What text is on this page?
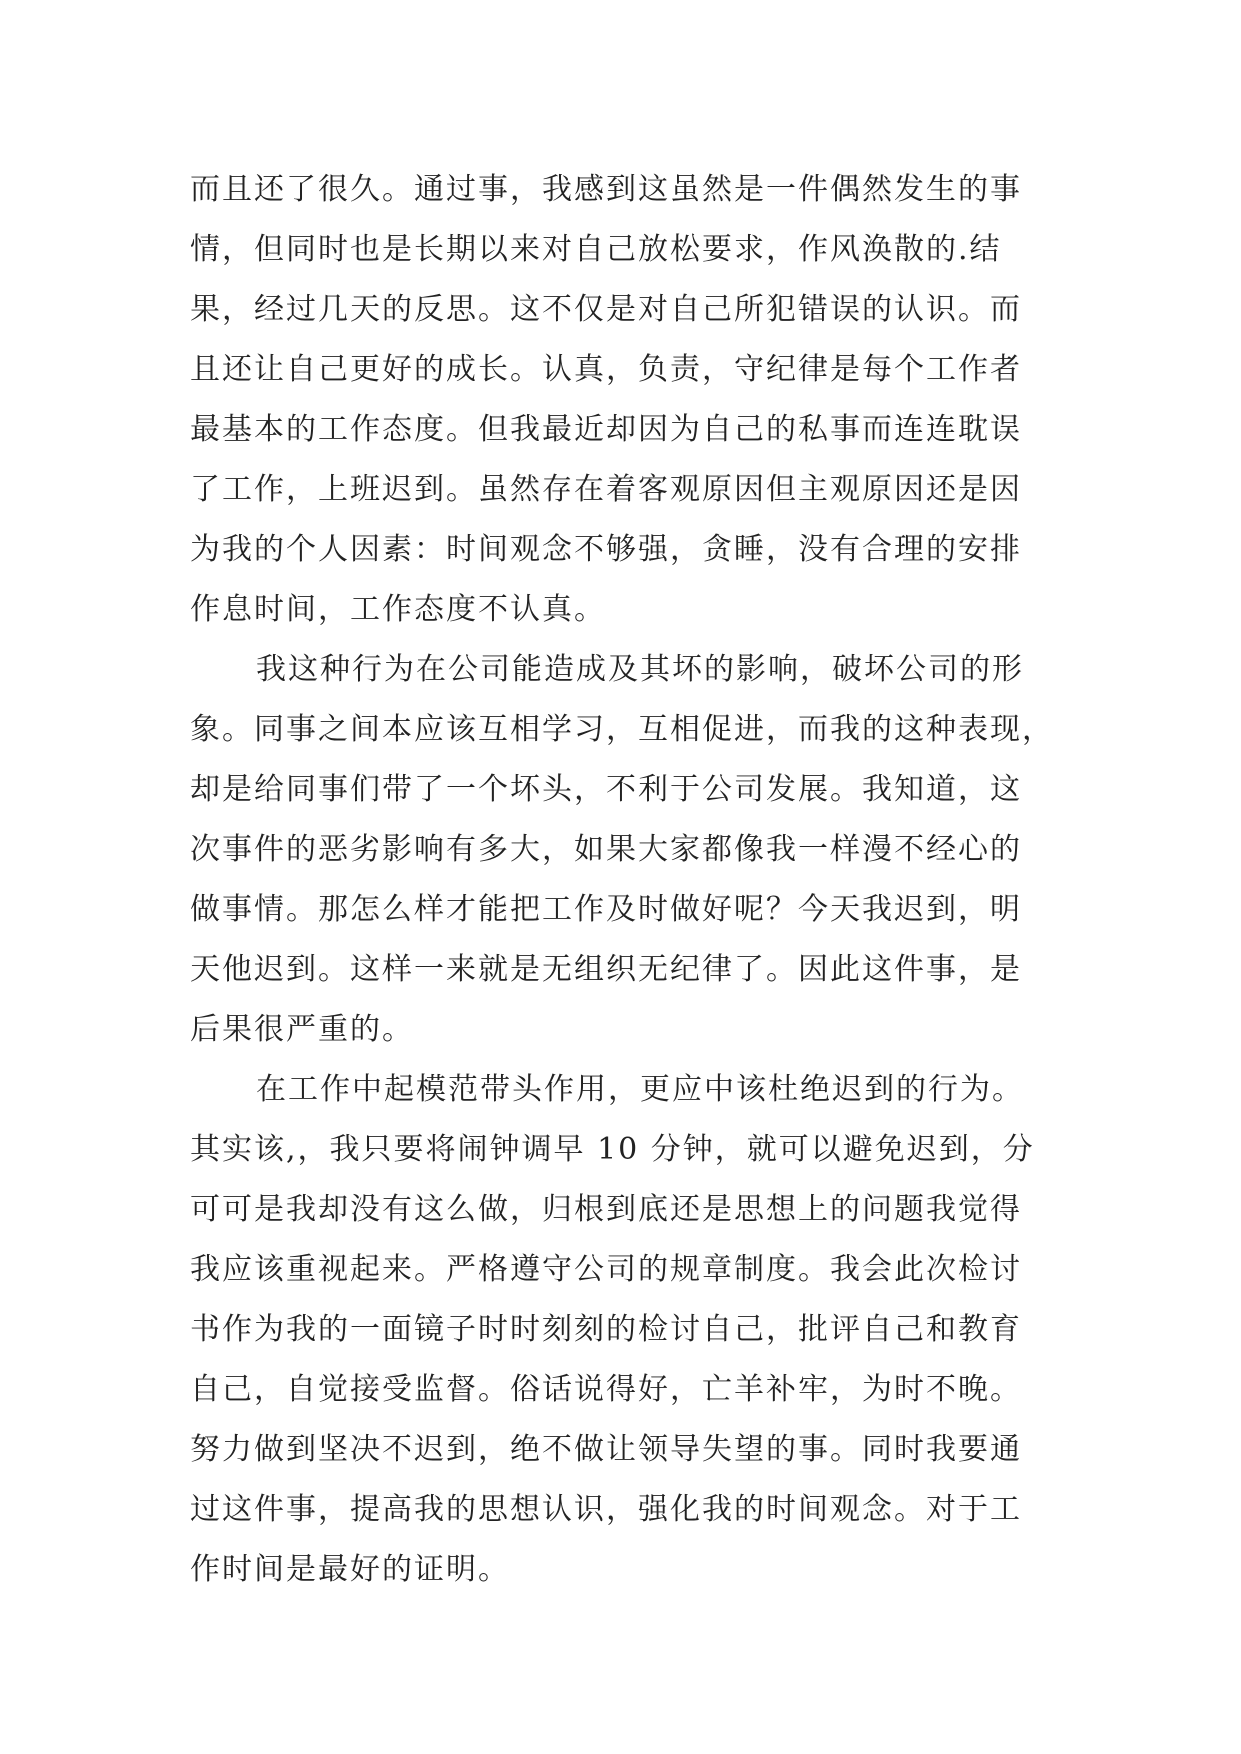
而且还了很久。通过事，我感到这虽然是一件偶然发生的事
情，但同时也是长期以来对自己放松要求，作风涣散的.结
果，经过几天的反思。这不仅是对自己所犯错误的认识。而
且还让自己更好的成长。认真，负责，守纪律是每个工作者
最基本的工作态度。但我最近却因为自己的私事而连连耽误
了工作，上班迟到。虽然存在着客观原因但主观原因还是因
为我的个人因素：时间观念不够强，贪睡，没有合理的安排
作息时间，工作态度不认真。
我这种行为在公司能造成及其坏的影响，破坏公司的形
象。同事之间本应该互相学习，互相促进，而我的这种表现，
却是给同事们带了一个坏头，不利于公司发展。我知道，这
次事件的恶劣影响有多大，如果大家都像我一样漫不经心的
做事情。那怎么样才能把工作及时做好呢？今天我迟到，明
天他迟到。这样一来就是无组织无纪律了。因此这件事，是
后果很严重的。
在工作中起模范带头作用，更应中该杜绝迟到的行为。
其实该,，我只要将闹钟调早 10 分钟，就可以避免迟到，分
可可是我却没有这么做，归根到底还是思想上的问题我觉得
我应该重视起来。严格遵守公司的规章制度。我会此次检讨
书作为我的一面镜子时时刻刻的检讨自己，批评自己和教育
自己，自觉接受监督。俗话说得好，亡羊补牢，为时不晚。
努力做到坚决不迟到，绝不做让领导失望的事。同时我要通
过这件事，提高我的思想认识，强化我的时间观念。对于工
作时间是最好的证明。
